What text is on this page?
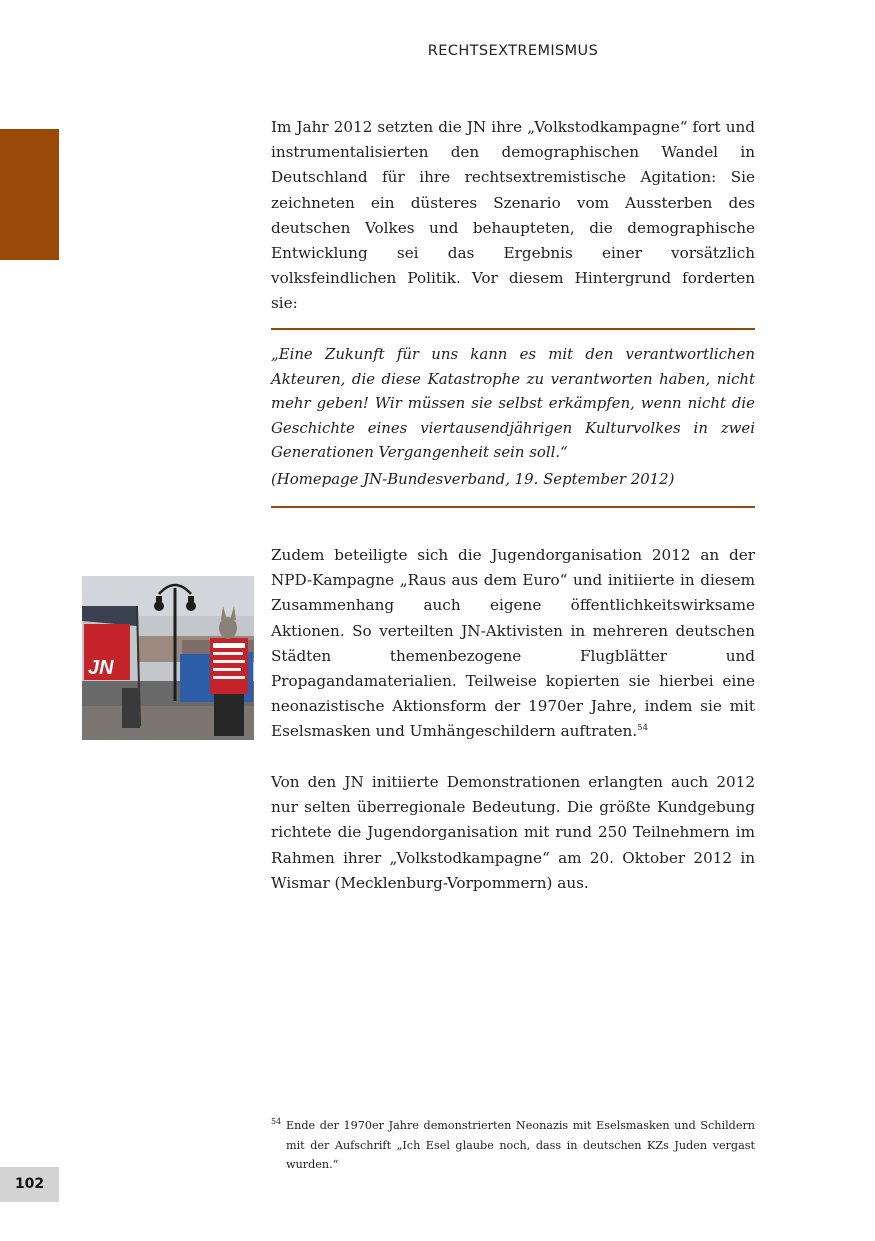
RECHTSEXTREMISMUS

Im Jahr 2012 setzten die JN ihre „Volkstodkampagne“ fort und instrumentalisierten den demographischen Wandel in Deutschland für ihre rechtsextremistische Agitation: Sie zeichneten ein düsteres Szenario vom Aussterben des deutschen Volkes und behaupteten, die demographische Entwicklung sei das Ergebnis einer vorsätzlich volksfeindlichen Politik. Vor diesem Hintergrund forderten sie:

„Eine Zukunft für uns kann es mit den verantwortlichen Akteuren, die diese Katastrophe zu verantworten haben, nicht mehr geben! Wir müssen sie selbst erkämpfen, wenn nicht die Geschichte eines viertausendjährigen Kulturvolkes in zwei Generationen Vergangenheit sein soll.“

(Homepage JN-Bundesverband, 19. September 2012)

JN

Zudem beteiligte sich die Jugendorganisation 2012 an der NPD-Kampagne „Raus aus dem Euro“ und initiierte in diesem Zusammenhang auch eigene öffentlichkeitswirksame Aktionen. So verteilten JN-Aktivisten in mehreren deutschen Städten themenbezogene Flugblätter und Propagandamaterialien. Teilweise kopierten sie hierbei eine neonazistische Aktionsform der 1970er Jahre, indem sie mit Eselsmasken und Umhängeschildern auftraten.$^{54}$

Von den JN initiierte Demonstrationen erlangten auch 2012 nur selten überregionale Bedeutung. Die größte Kundgebung richtete die Jugendorganisation mit rund 250 Teilnehmern im Rahmen ihrer „Volkstodkampagne“ am 20. Oktober 2012 in Wismar (Mecklenburg-Vorpommern) aus.

54 Ende der 1970er Jahre demonstrierten Neonazis mit Eselsmasken und Schildern mit der Aufschrift „Ich Esel glaube noch, dass in deutschen KZs Juden vergast wurden.“
102
